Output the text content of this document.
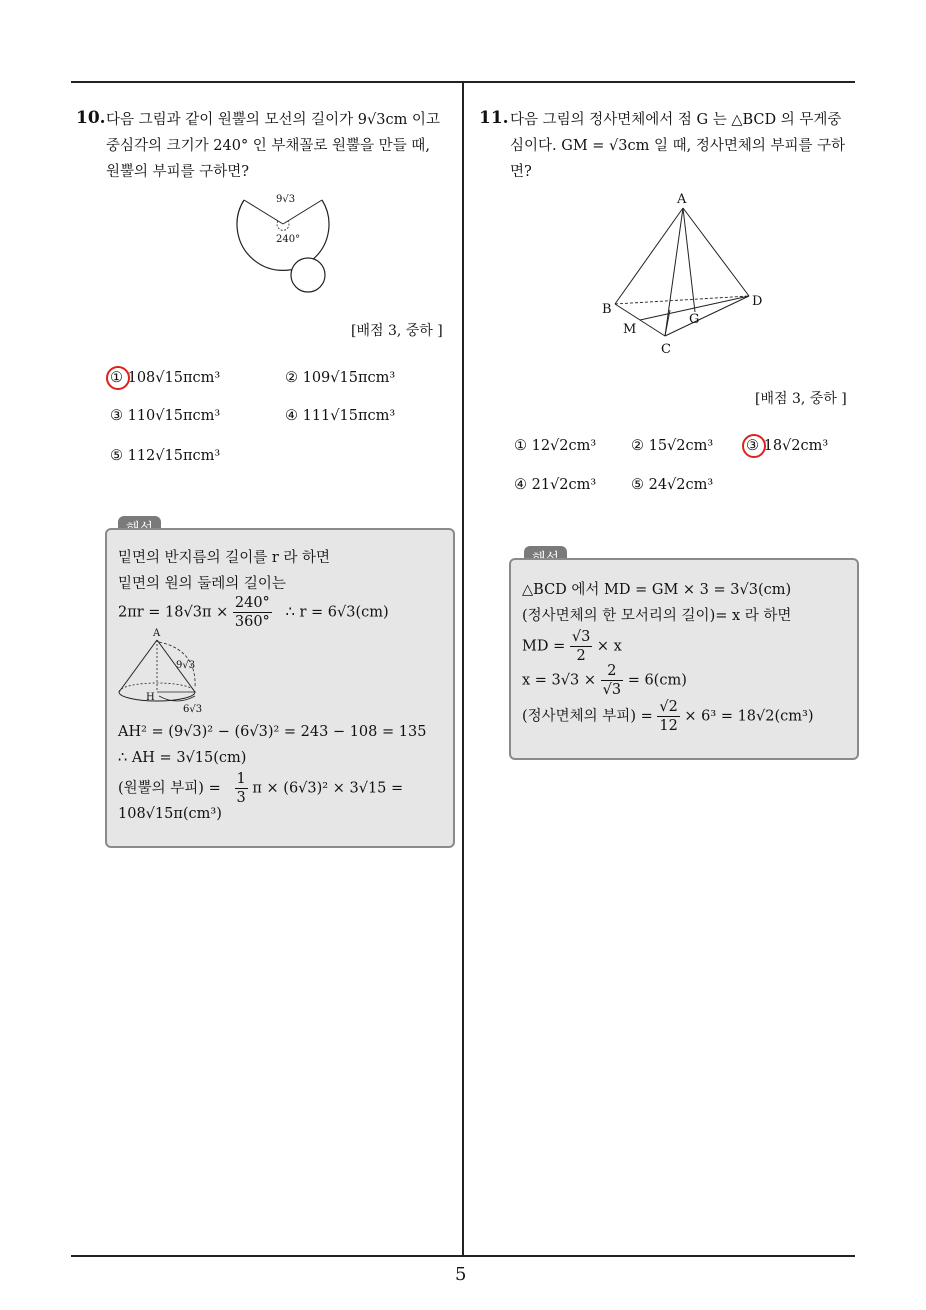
5
10. 다음 그림과 같이 원뿔의 모선의 길이가 9√3cm 이고
중심각의 크기가 240° 인 부채꼴로 원뿔을 만들 때,
원뿔의 부피를 구하면?
9√3
240°
[배점 3, 중하 ]
① 108√15πcm³	② 109√15πcm³
③ 110√15πcm³	④ 111√15πcm³
⑤ 112√15πcm³
밑면의 반지름의 길이를 r 라 하면
밑면의 원의 둘레의 길이는
$2\pi r = 18√3\pi \times \frac{240^\circ}{360^\circ}$ ∴ r = 6√3(cm)
A
9√3
H
6√3
AH² = (9√3)² − (6√3)² = 243 − 108 = 135
∴ AH = 3√15(cm)
(원뿔의 부피) = $\frac{1}{3}$ π × (6√3)² × 3√15 =
108√15π(cm³)
11. 다음 그림의 정사면체에서 점 G 는 △BCD 의 무게중
심이다. GM = √3cm 일 때, 정사면체의 부피를 구하
면?
A
B
D
M
G
C
[배점 3, 중하 ]
① 12√2cm³ ② 15√2cm³ ③ 18√2cm³
④ 21√2cm³ ⑤ 24√2cm³
△BCD 에서 MD = GM × 3 = 3√3(cm)
(정사면체의 한 모서리의 길이)= x 라 하면
MD = $\frac{√3}{2} \times x$
$x = 3√3 \times \frac{2}{√3} = 6(cm)$
(정사면체의 부피) = $\frac{√2}{12} \times 6^3 = 18√2(cm^3)$
